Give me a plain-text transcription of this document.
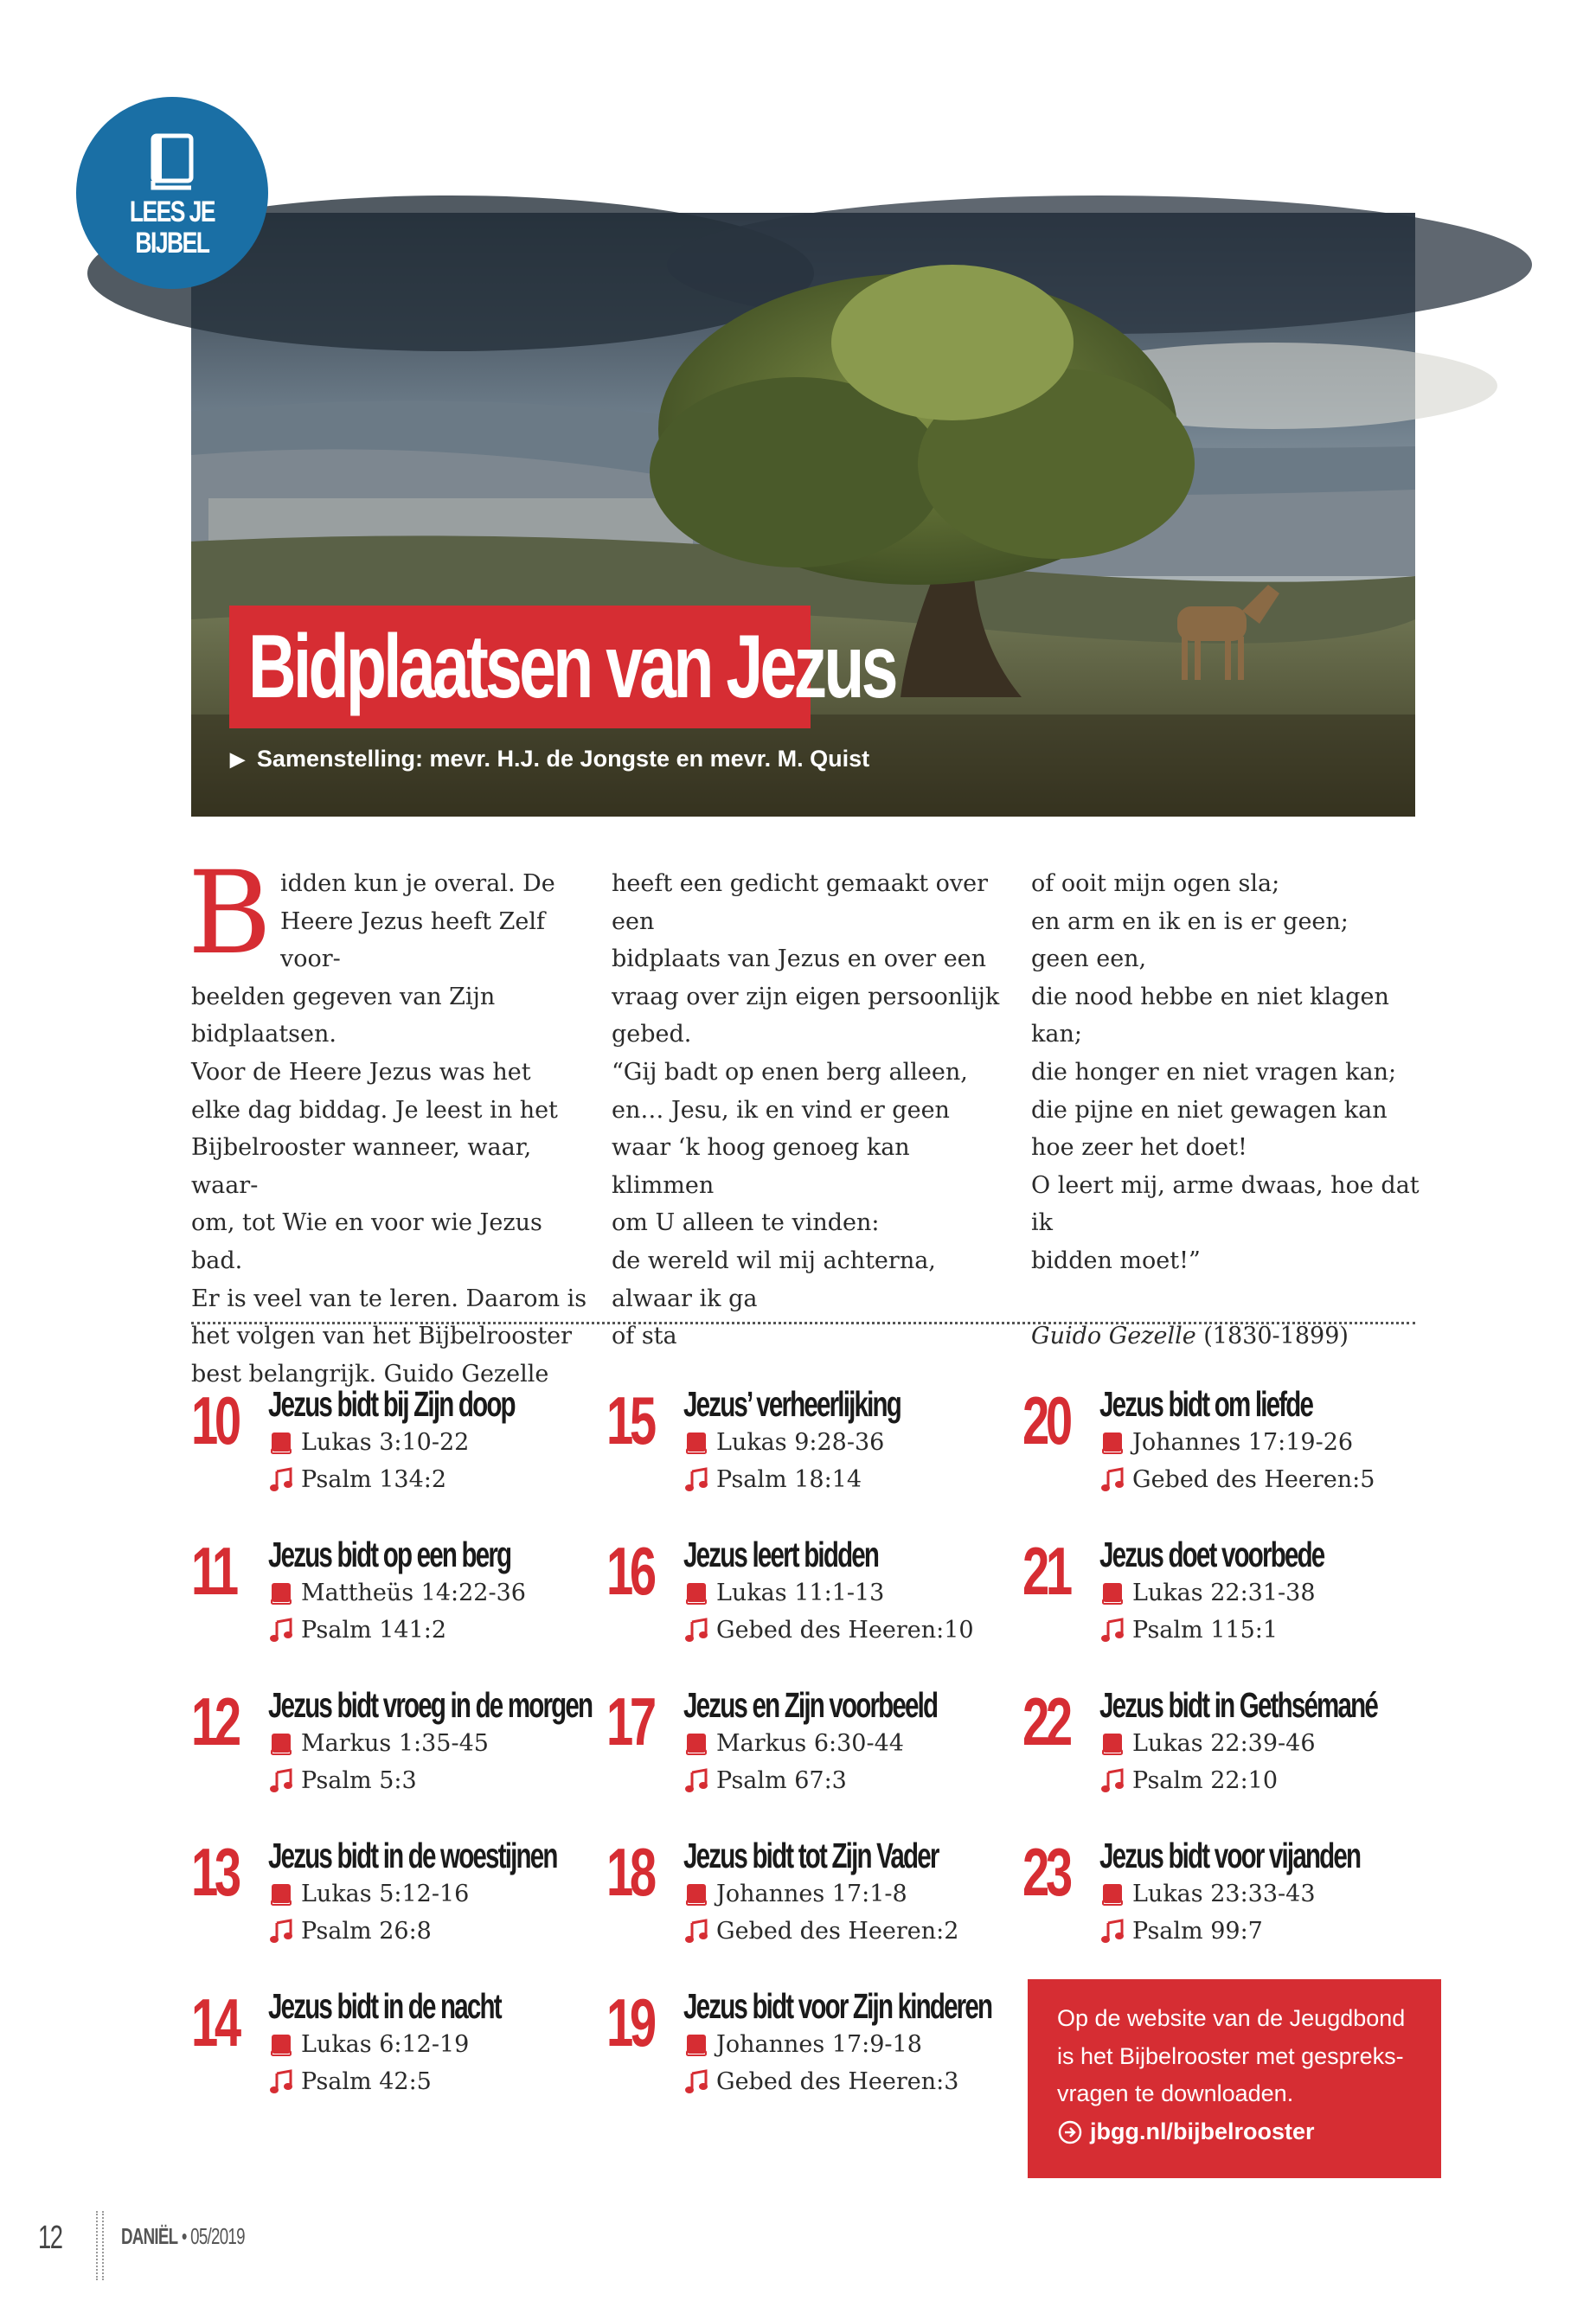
LEES JE
BIJBEL
Bidplaatsen van Jezus
▶ Samenstelling: mevr. H.J. de Jongste en mevr. M. Quist
B idden kun je overal. De
Heere Jezus heeft Zelf voor-
beelden gegeven van Zijn
bidplaatsen.
Voor de Heere Jezus was het
elke dag biddag. Je leest in het
Bijbelrooster wanneer, waar, waar-
om, tot Wie en voor wie Jezus bad.
Er is veel van te leren. Daarom is
het volgen van het Bijbelrooster
best belangrijk. Guido Gezelle

heeft een gedicht gemaakt over een
bidplaats van Jezus en over een
vraag over zijn eigen persoonlijk
gebed.
“Gij badt op enen berg alleen,
en… Jesu, ik en vind er geen
waar ‘k hoog genoeg kan klimmen
om U alleen te vinden:
de wereld wil mij achterna,
alwaar ik ga
of sta

of ooit mijn ogen sla;
en arm en ik en is er geen;
geen een,
die nood hebbe en niet klagen kan;
die honger en niet vragen kan;
die pijne en niet gewagen kan
hoe zeer het doet!
O leert mij, arme dwaas, hoe dat ik
bidden moet!”

Guido Gezelle (1830-1899)

10 Jezus bidt bij Zijn doop
Lukas 3:10-22
Psalm 134:2
11 Jezus bidt op een berg
Mattheüs 14:22-36
Psalm 141:2
12 Jezus bidt vroeg in de morgen
Markus 1:35-45
Psalm 5:3
13 Jezus bidt in de woestijnen
Lukas 5:12-16
Psalm 26:8
14 Jezus bidt in de nacht
Lukas 6:12-19
Psalm 42:5
15 Jezus’ verheerlijking
Lukas 9:28-36
Psalm 18:14
16 Jezus leert bidden
Lukas 11:1-13
Gebed des Heeren:10
17 Jezus en Zijn voorbeeld
Markus 6:30-44
Psalm 67:3
18 Jezus bidt tot Zijn Vader
Johannes 17:1-8
Gebed des Heeren:2
19 Jezus bidt voor Zijn kinderen
Johannes 17:9-18
Gebed des Heeren:3
20 Jezus bidt om liefde
Johannes 17:19-26
Gebed des Heeren:5
21 Jezus doet voorbede
Lukas 22:31-38
Psalm 115:1
22 Jezus bidt in Gethsémané
Lukas 22:39-46
Psalm 22:10
23 Jezus bidt voor vijanden
Lukas 23:33-43
Psalm 99:7
Op de website van de Jeugdbond
is het Bijbelrooster met gespreks-
vragen te downloaden.
jbgg.nl/bijbelrooster
12	DANIËL • 05/2019
